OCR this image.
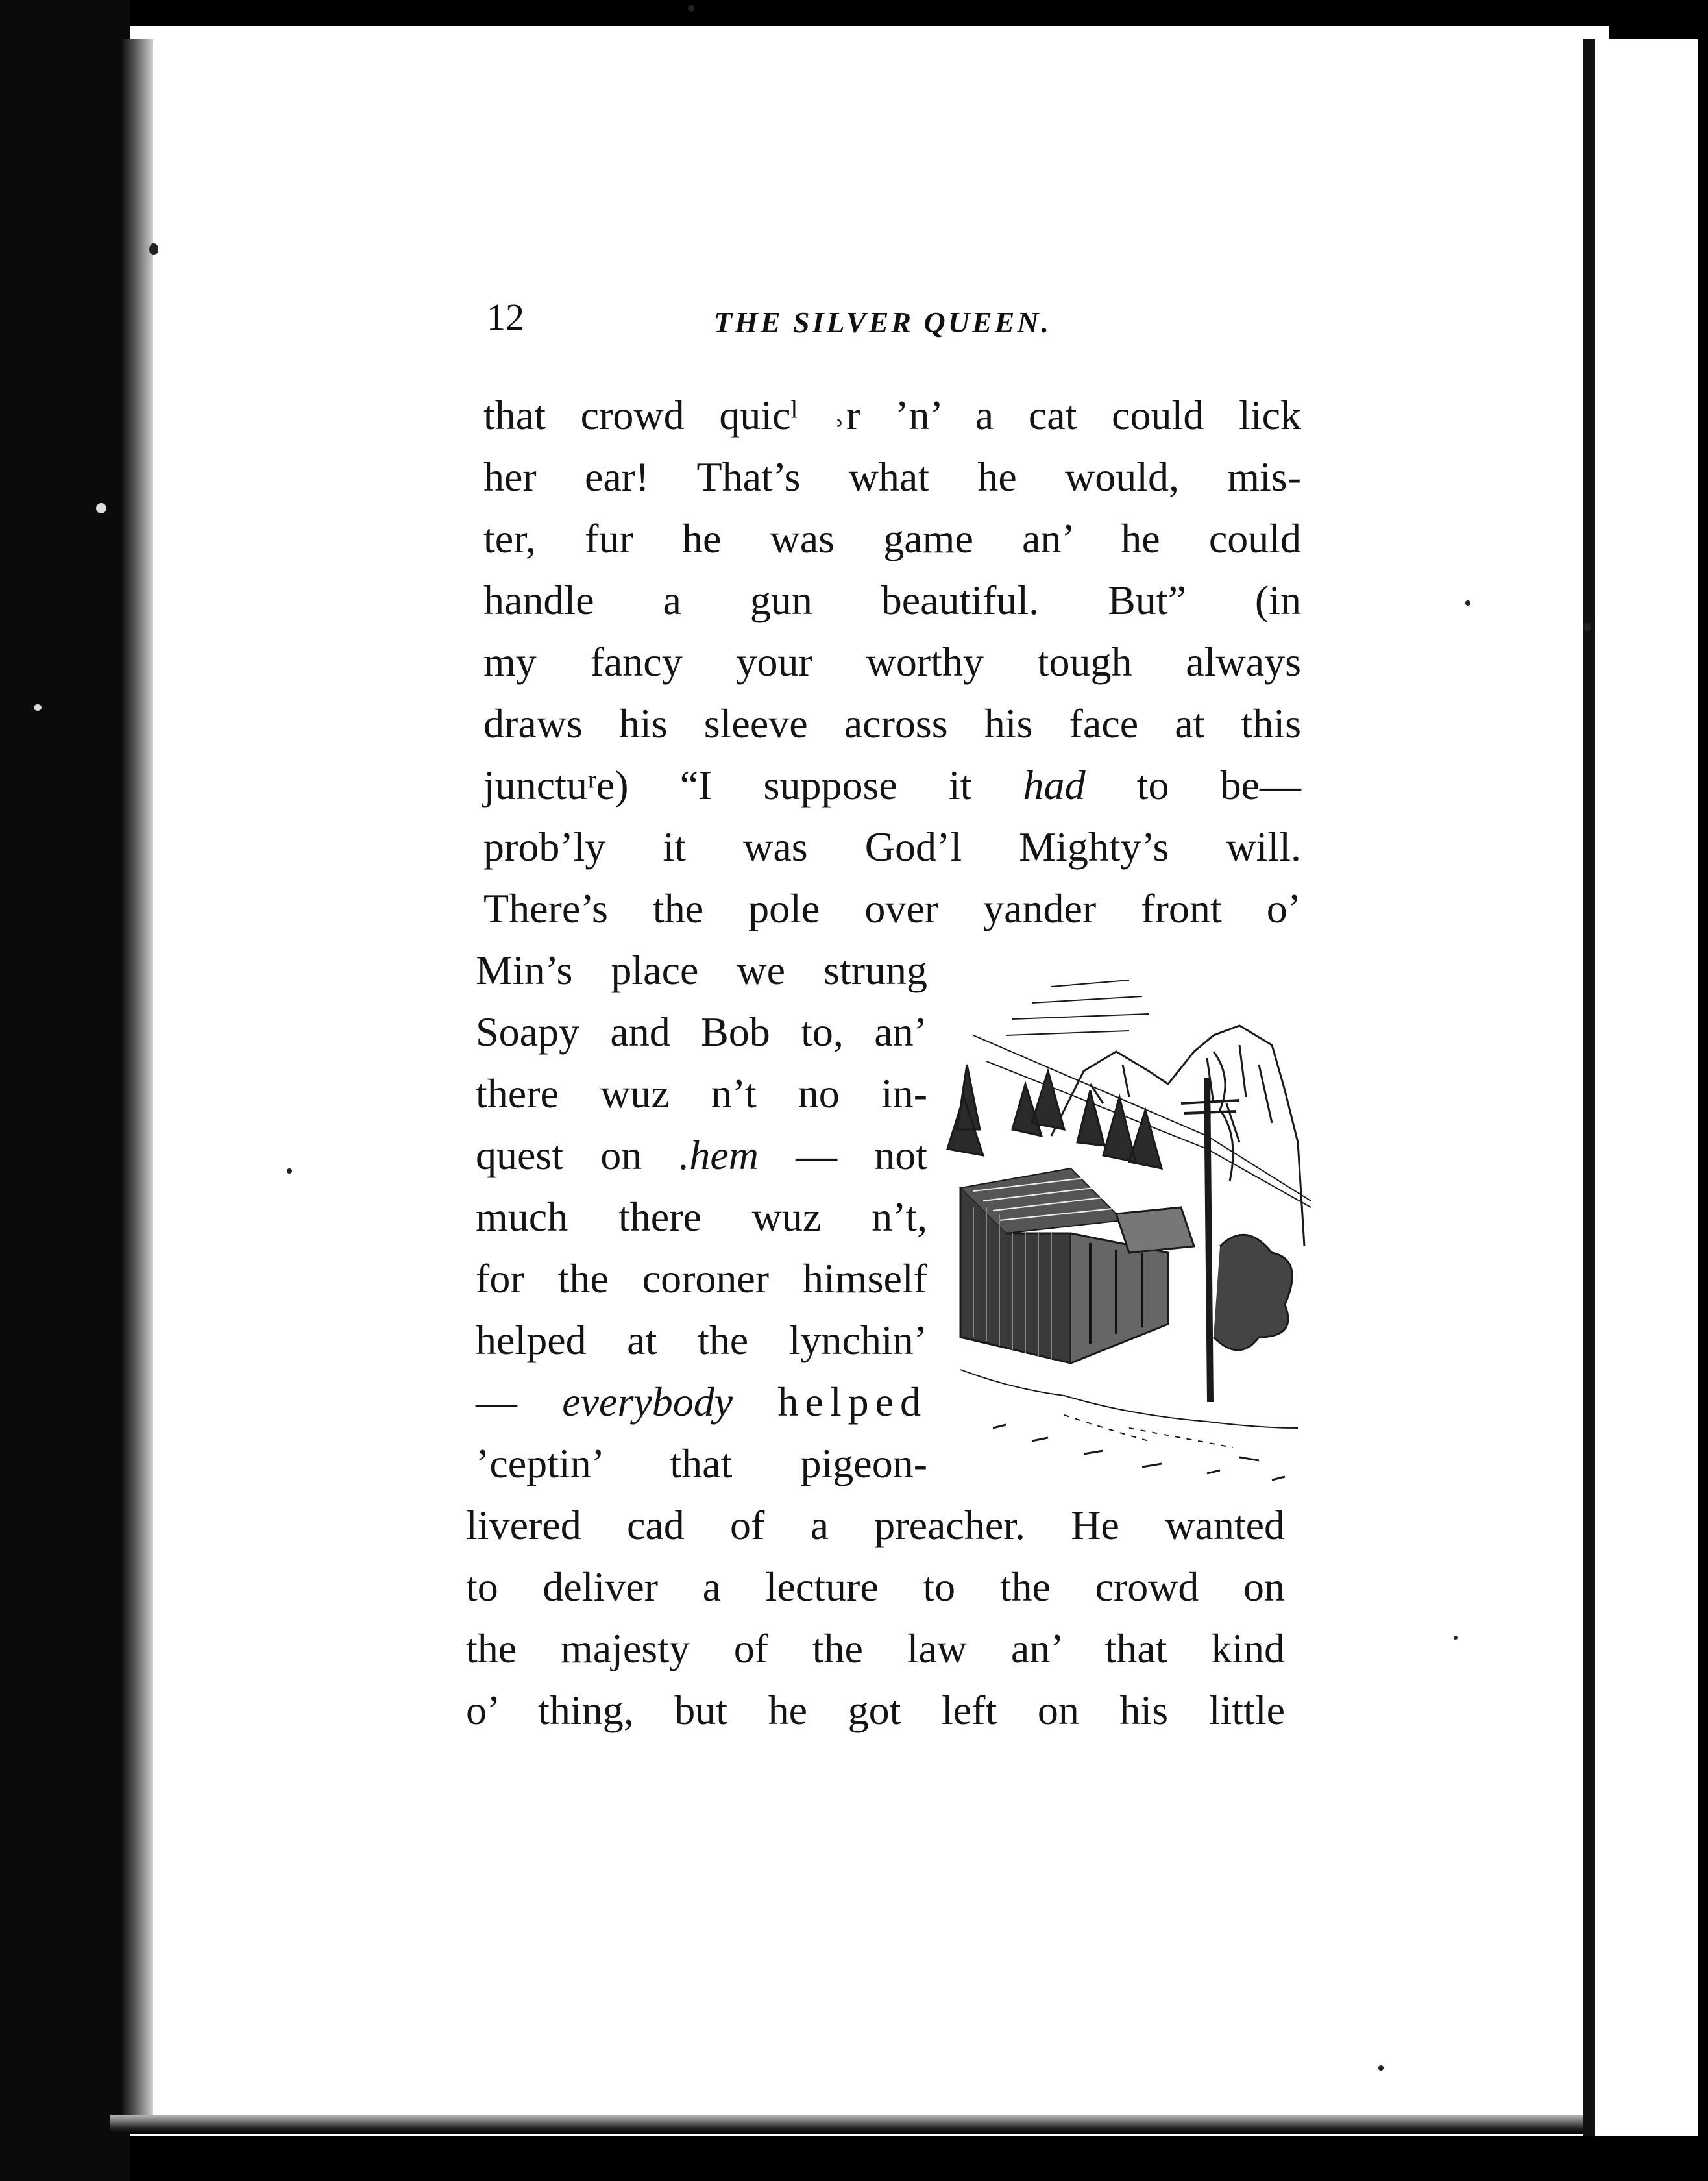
12	THE SILVER QUEEN.
that crowd quicˡ ˒r ’n’ a cat could lick
her ear! That’s what he would, mis-
ter, fur he was game an’ he could
handle a gun beautiful. But” (in
my fancy your worthy tough always
draws his sleeve across his face at this
junctuʳe) “I suppose it had to be—
prob’ly it was God’l Mighty’s will.
There’s the pole over yander front o’
Min’s place we strung
Soapy and Bob to, an’
there wuz n’t no in-
quest on .hem — not
much there wuz n’t,
for the coroner himself
helped at the lynchin’
— everybody helped
’ceptin’ that pigeon-
livered cad of a preacher. He wanted
to deliver a lecture to the crowd on
the majesty of the law an’ that kind
o’ thing, but he got left on his little
